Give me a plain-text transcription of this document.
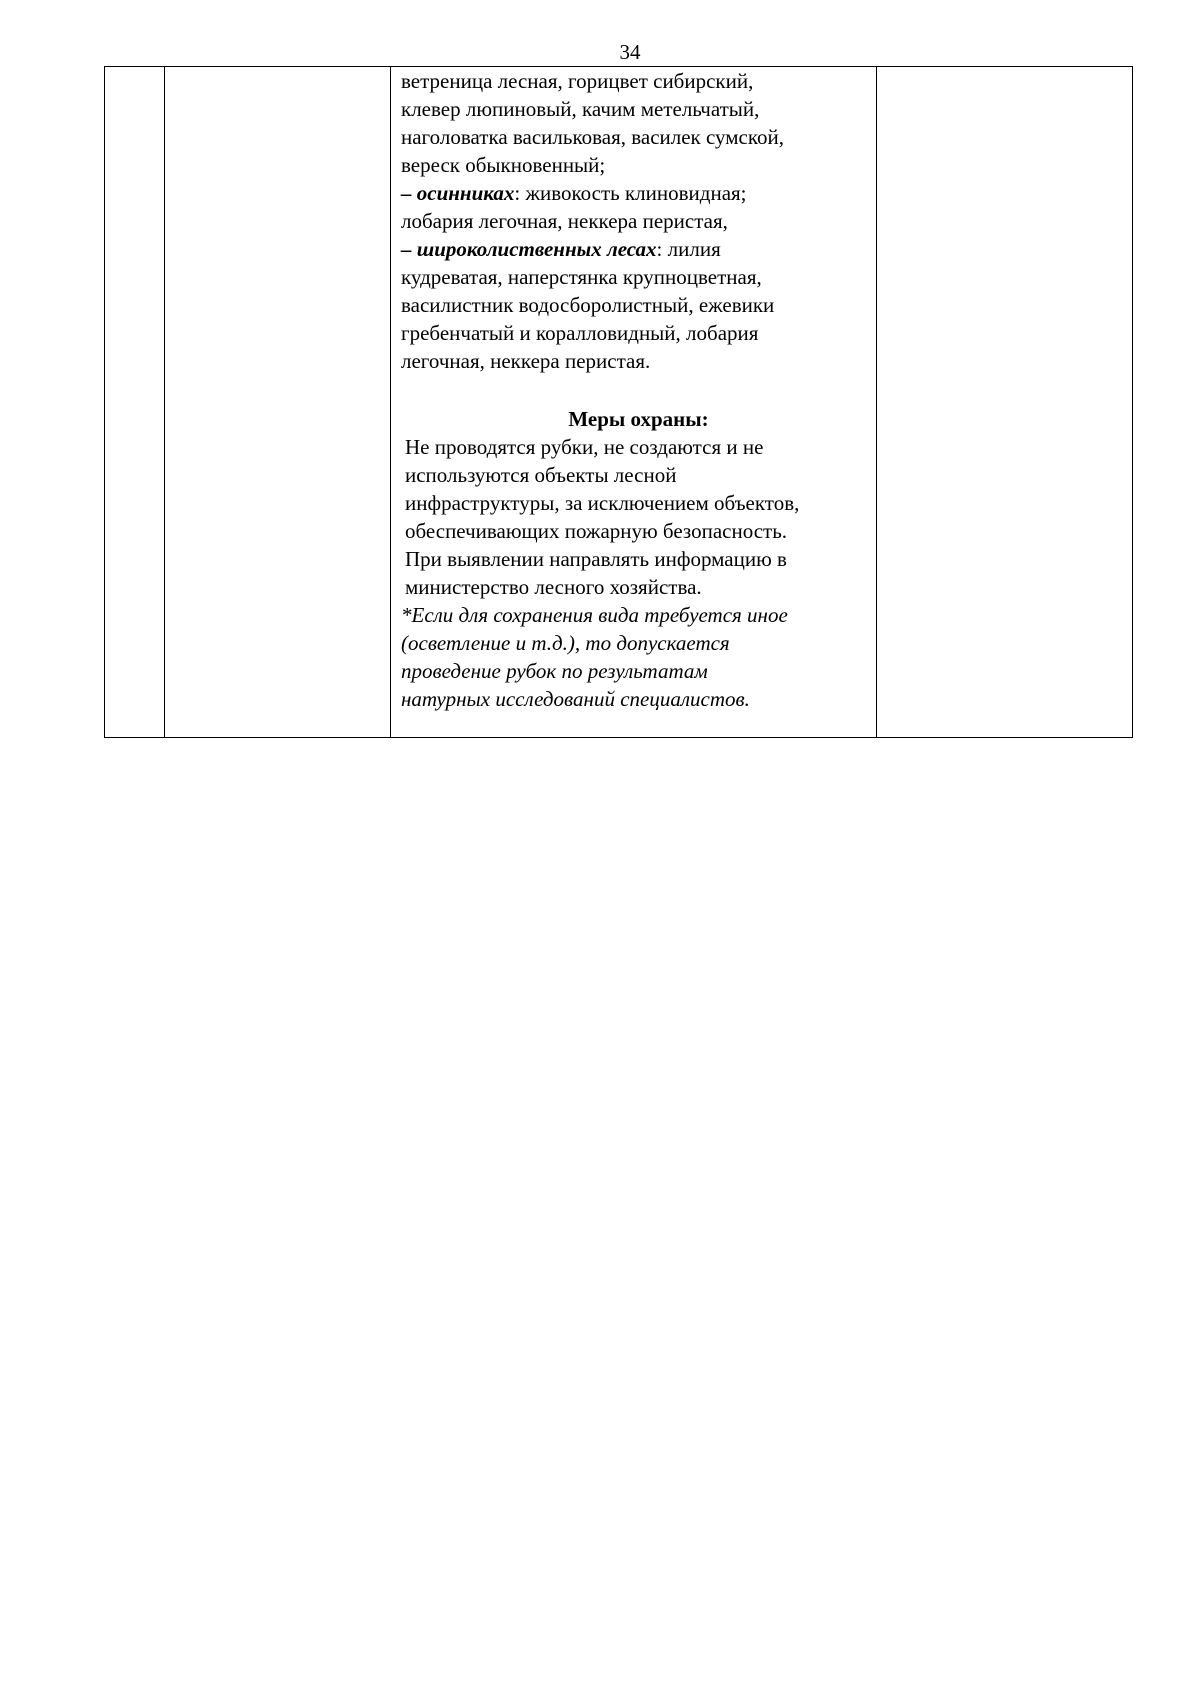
34

ветреница лесная, горицвет сибирский,
клевер люпиновый, качим метельчатый,
наголоватка васильковая, василек сумской,
вереск обыкновенный;
– осинниках: живокость клиновидная;
лобария легочная, неккера перистая,
– широколиственных лесах: лилия
кудреватая, наперстянка крупноцветная,
василистник водосборолистный, ежевики
гребенчатый и коралловидный, лобария
легочная, неккера перистая.
Меры охраны:
Не проводятся рубки, не создаются и не
используются объекты лесной
инфраструктуры, за исключением объектов,
обеспечивающих пожарную безопасность.
При выявлении направлять информацию в
министерство лесного хозяйства.
*Если для сохранения вида требуется иное
(осветление и т.д.), то допускается
проведение рубок по результатам
натурных исследований специалистов.
